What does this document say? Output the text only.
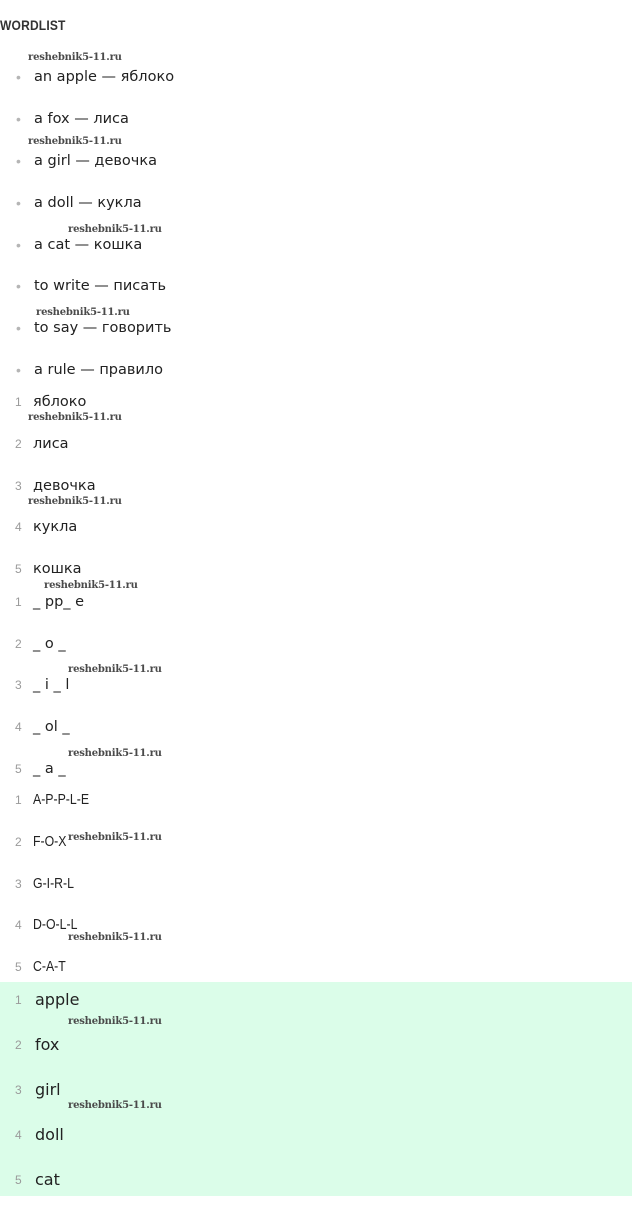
WORDLIST
• an apple — яблоко
• a fox — лиса
• a girl — девочка
• a doll — кукла
• a cat — кошка
• to write — писать
• to say — говорить
• a rule — правило
1 яблоко
2 лиса
3 девочка
4 кукла
5 кошка
1 _ pp_ e
2 _ o _
3 _ i _ l
4 _ ol _
5 _ a _
1 A-P-P-L-E
2 F-O-X
3 G-I-R-L
4 D-O-L-L
5 C-A-T
1 apple
2 fox
3 girl
4 doll
5 cat
reshebnik5-11.ru
reshebnik5-11.ru
reshebnik5-11.ru
reshebnik5-11.ru
reshebnik5-11.ru
reshebnik5-11.ru
reshebnik5-11.ru
reshebnik5-11.ru
reshebnik5-11.ru
reshebnik5-11.ru
reshebnik5-11.ru
reshebnik5-11.ru
reshebnik5-11.ru
